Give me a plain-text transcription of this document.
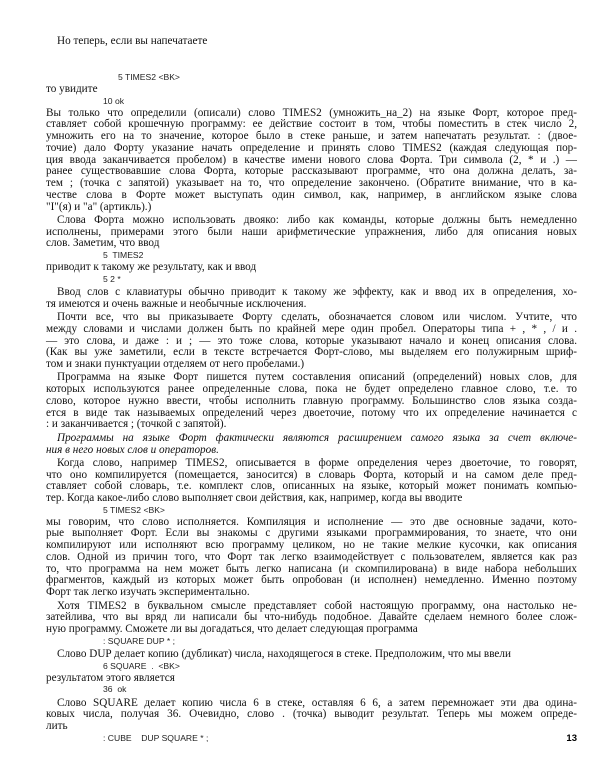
Но теперь, если вы напечатаете
5 TIMES2 <BK>
то увидите
10 ok
Вы только что определили (описали) слово TIMES2 (умножить_на_2) на языке Форт, которое пред-
ставляет собой крошечную программу: ее действие состоит в том, чтобы поместить в стек число 2,
умножить его на то значение, которое было в стеке раньше, и затем напечатать результат. : (двое-
точие) дало Форту указание начать определение и принять слово TIMES2 (каждая следующая пор-
ция ввода заканчивается пробелом) в качестве имени нового слова Форта. Три символа (2, * и .) —
ранее существовавшие слова Форта, которые рассказывают программе, что она должна делать, за-
тем ; (точка с запятой) указывает на то, что определение закончено. (Обратите внимание, что в ка-
честве слова в Форте может выступать один символ, как, например, в английском языке слова
"I"(я) и "a" (артикль).)
Слова Форта можно использовать двояко: либо как команды, которые должны быть немедленно
исполнены, примерами этого были наши арифметические упражнения, либо для описания новых
слов. Заметим, что ввод
5  TIMES2
приводит к такому же результату, как и ввод
5 2 *
Ввод слов с клавиатуры обычно приводит к такому же эффекту, как и ввод их в определения, хо-
тя имеются и очень важные и необычные исключения.
Почти все, что вы приказываете Форту сделать, обозначается словом или числом. Учтите, что
между словами и числами должен быть по крайней мере один пробел. Операторы типа + , * , / и .
— это слова, и даже : и ; — это тоже слова, которые указывают начало и конец описания слова.
(Как вы уже заметили, если в тексте встречается Форт-слово, мы выделяем его полужирным шриф-
том и знаки пунктуации отделяем от него пробелами.)
Программа на языке Форт пишется путем составления описаний (определений) новых слов, для
которых используются ранее определенные слова, пока не будет определено главное слово, т.е. то
слово, которое нужно ввести, чтобы исполнить главную программу. Большинство слов языка созда-
ется в виде так называемых определений через двоеточие, потому что их определение начинается с
: и заканчивается ; (точкой с запятой).
Программы на языке Форт фактически являются расширением самого языка за счет включе-
ния в него новых слов и операторов.
Когда слово, например TIMES2, описывается в форме определения через двоеточие, то говорят,
что оно компилируется (помещается, заносится) в словарь Форта, который и на самом деле пред-
ставляет собой словарь, т.е. комплект слов, описанных на языке, который может понимать компью-
тер. Когда какое-либо слово выполняет свои действия, как, например, когда вы вводите
5 TIMES2 <BK>
мы говорим, что слово исполняется. Компиляция и исполнение — это две основные задачи, кото-
рые выполняет Форт. Если вы знакомы с другими языками программирования, то знаете, что они
компилируют или исполняют всю программу целиком, но не такие мелкие кусочки, как описания
слов. Одной из причин того, что Форт так легко взаимодействует с пользователем, является как раз
то, что программа на нем может быть легко написана (и скомпилирована) в виде набора небольших
фрагментов, каждый из которых может быть опробован (и исполнен) немедленно. Именно поэтому
Форт так легко изучать экспериментально.
Хотя TIMES2 в буквальном смысле представляет собой настоящую программу, она настолько не-
затейлива, что вы вряд ли написали бы что-нибудь подобное. Давайте сделаем немного более слож-
ную программу. Сможете ли вы догадаться, что делает следующая программа
: SQUARE DUP * ;
Слово DUP делает копию (дубликат) числа, находящегося в стеке. Предположим, что мы ввели
6 SQUARE  .  <BK>
результатом этого является
36  ok
Слово SQUARE делает копию числа 6 в стеке, оставляя 6 6, а затем перемножает эти два одина-
ковых числа, получая 36. Очевидно, слово . (точка) выводит результат. Теперь мы можем опреде-
лить
: CUBE    DUP SQUARE * ;	13
